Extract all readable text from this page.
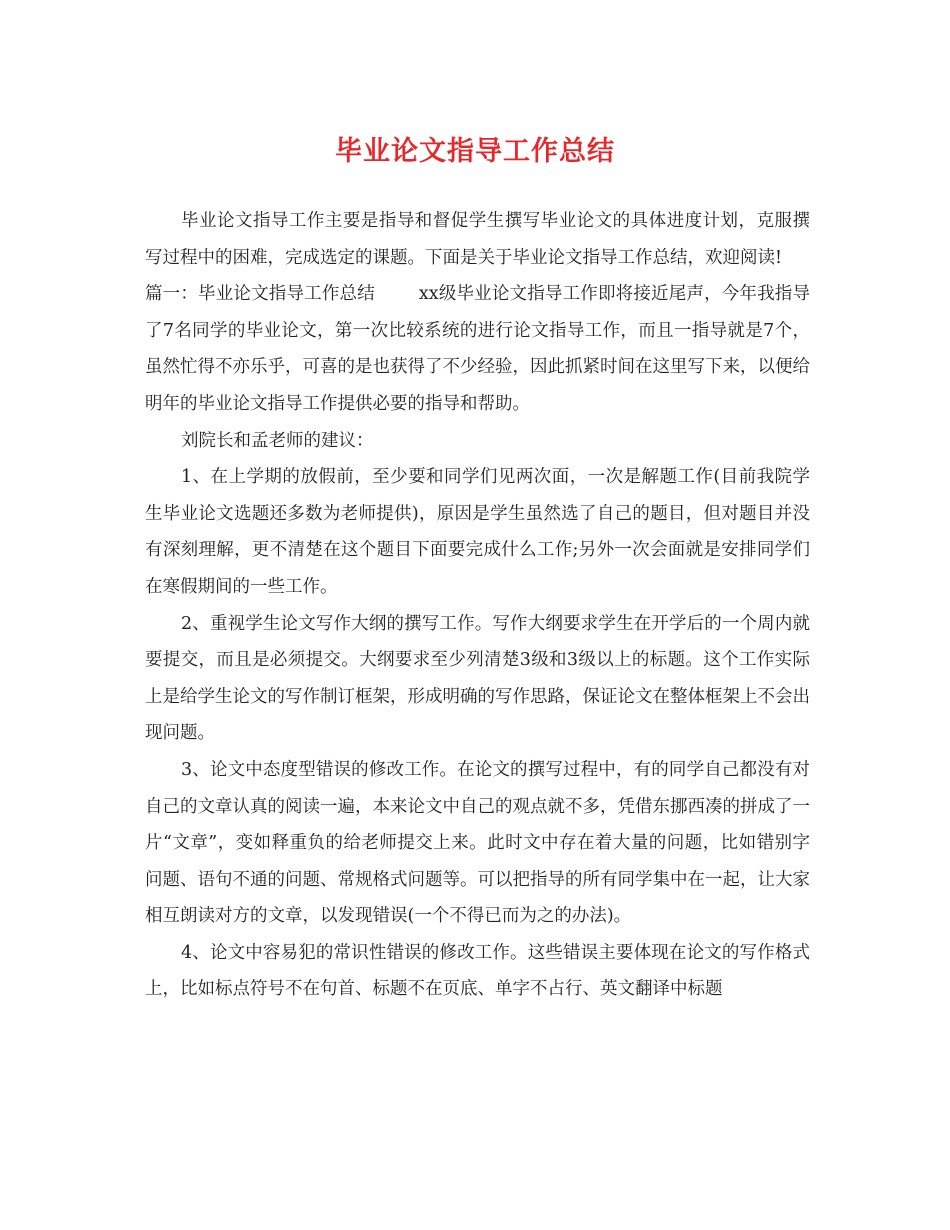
毕业论文指导工作总结

毕业论文指导工作主要是指导和督促学生撰写毕业论文的具体进度计划，克服撰写过程中的困难，完成选定的课题。下面是关于毕业论文指导工作总结，欢迎阅读!

篇一：毕业论文指导工作总结	xx级毕业论文指导工作即将接近尾声，今年我指导了7名同学的毕业论文，第一次比较系统的进行论文指导工作，而且一指导就是7个，虽然忙得不亦乐乎，可喜的是也获得了不少经验，因此抓紧时间在这里写下来，以便给明年的毕业论文指导工作提供必要的指导和帮助。

刘院长和孟老师的建议：

1、在上学期的放假前，至少要和同学们见两次面，一次是解题工作(目前我院学生毕业论文选题还多数为老师提供)，原因是学生虽然选了自己的题目，但对题目并没有深刻理解，更不清楚在这个题目下面要完成什么工作;另外一次会面就是安排同学们在寒假期间的一些工作。

2、重视学生论文写作大纲的撰写工作。写作大纲要求学生在开学后的一个周内就要提交，而且是必须提交。大纲要求至少列清楚3级和3级以上的标题。这个工作实际上是给学生论文的写作制订框架，形成明确的写作思路，保证论文在整体框架上不会出现问题。

3、论文中态度型错误的修改工作。在论文的撰写过程中，有的同学自己都没有对自己的文章认真的阅读一遍，本来论文中自己的观点就不多，凭借东挪西凑的拼成了一片“文章”，变如释重负的给老师提交上来。此时文中存在着大量的问题，比如错别字问题、语句不通的问题、常规格式问题等。可以把指导的所有同学集中在一起，让大家相互朗读对方的文章，以发现错误(一个不得已而为之的办法)。

4、论文中容易犯的常识性错误的修改工作。这些错误主要体现在论文的写作格式上，比如标点符号不在句首、标题不在页底、单字不占行、英文翻译中标题
